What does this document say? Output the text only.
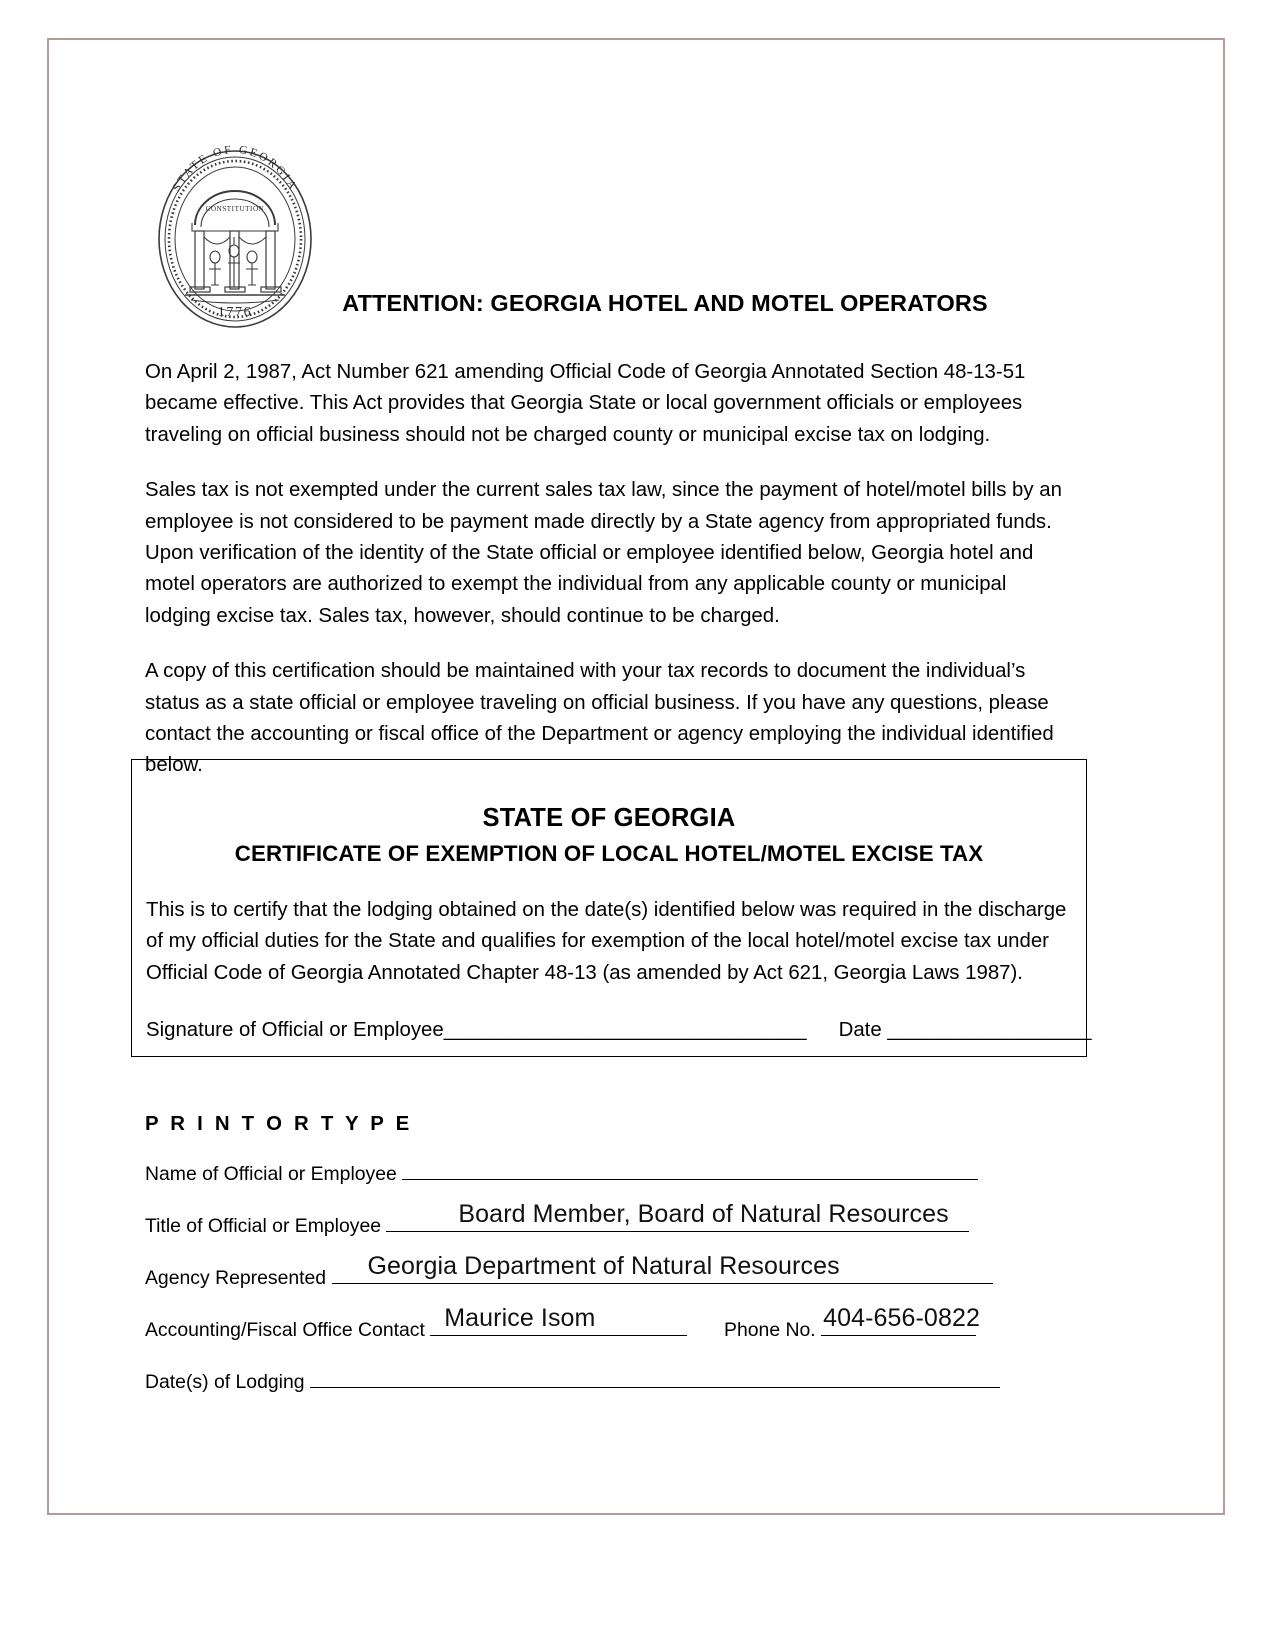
STATE OF GEORGIA
CONSTITUTION
1776	ATTENTION: GEORGIA HOTEL AND MOTEL OPERATORS

On April 2, 1987, Act Number 621 amending Official Code of Georgia Annotated Section 48-13-51 became effective. This Act provides that Georgia State or local government officials or employees traveling on official business should not be charged county or municipal excise tax on lodging.

Sales tax is not exempted under the current sales tax law, since the payment of hotel/motel bills by an employee is not considered to be payment made directly by a State agency from appropriated funds. Upon verification of the identity of the State official or employee identified below, Georgia hotel and motel operators are authorized to exempt the individual from any applicable county or municipal lodging excise tax. Sales tax, however, should continue to be charged.

A copy of this certification should be maintained with your tax records to document the individual’s status as a state official or employee traveling on official business. If you have any questions, please contact the accounting or fiscal office of the Department or agency employing the individual identified below.

STATE OF GEORGIA
CERTIFICATE OF EXEMPTION OF LOCAL HOTEL/MOTEL EXCISE TAX
This is to certify that the lodging obtained on the date(s) identified below was required in the discharge of my official duties for the State and qualifies for exemption of the local hotel/motel excise tax under Official Code of Georgia Annotated Chapter 48-13 (as amended by Act 621, Georgia Laws 1987).
Signature of Official or Employee________________________________ Date __________________
P R I N T O R T Y P E
Name of Official or Employee
Title of Official or Employee	Board Member, Board of Natural Resources
Agency Represented Georgia Department of Natural Resources
Accounting/Fiscal Office Contact Maurice Isom	Phone No. 404-656-0822
Date(s) of Lodging
